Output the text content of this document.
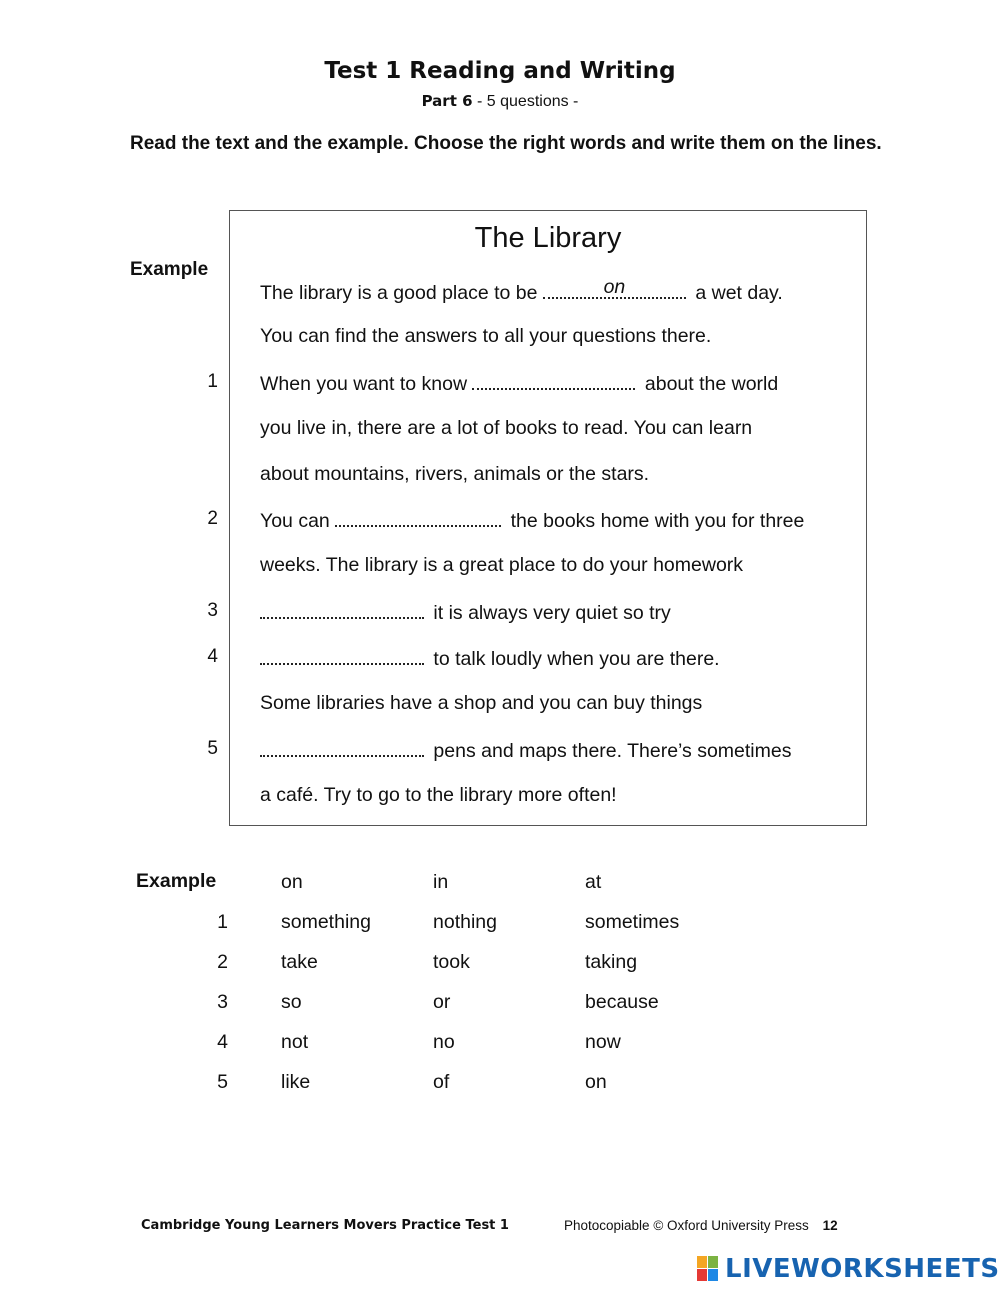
Test 1 Reading and Writing
Part 6 - 5 questions -
Read the text and the example. Choose the right words and write them on the lines.
The Library
Example
The library is a good place to be	on	a wet day.
You can find the answers to all your questions there.
1 When you want to know	about the world
you live in, there are a lot of books to read. You can learn
about mountains, rivers, animals or the stars.
2 You can	the books home with you for three
weeks. The library is a great place to do your homework
3	it is always very quiet so try
4	to talk loudly when you are there.
Some libraries have a shop and you can buy things
5	pens and maps there. There’s sometimes
a café. Try to go to the library more often!
Example	on	in	at
1	something	nothing	sometimes
2	take	took	taking
3	so	or	because
4	not	no	now
5	like	of	on
Cambridge Young Learners Movers Practice Test 1	Photocopiable © Oxford University Press 12
LIVEWORKSHEETS
